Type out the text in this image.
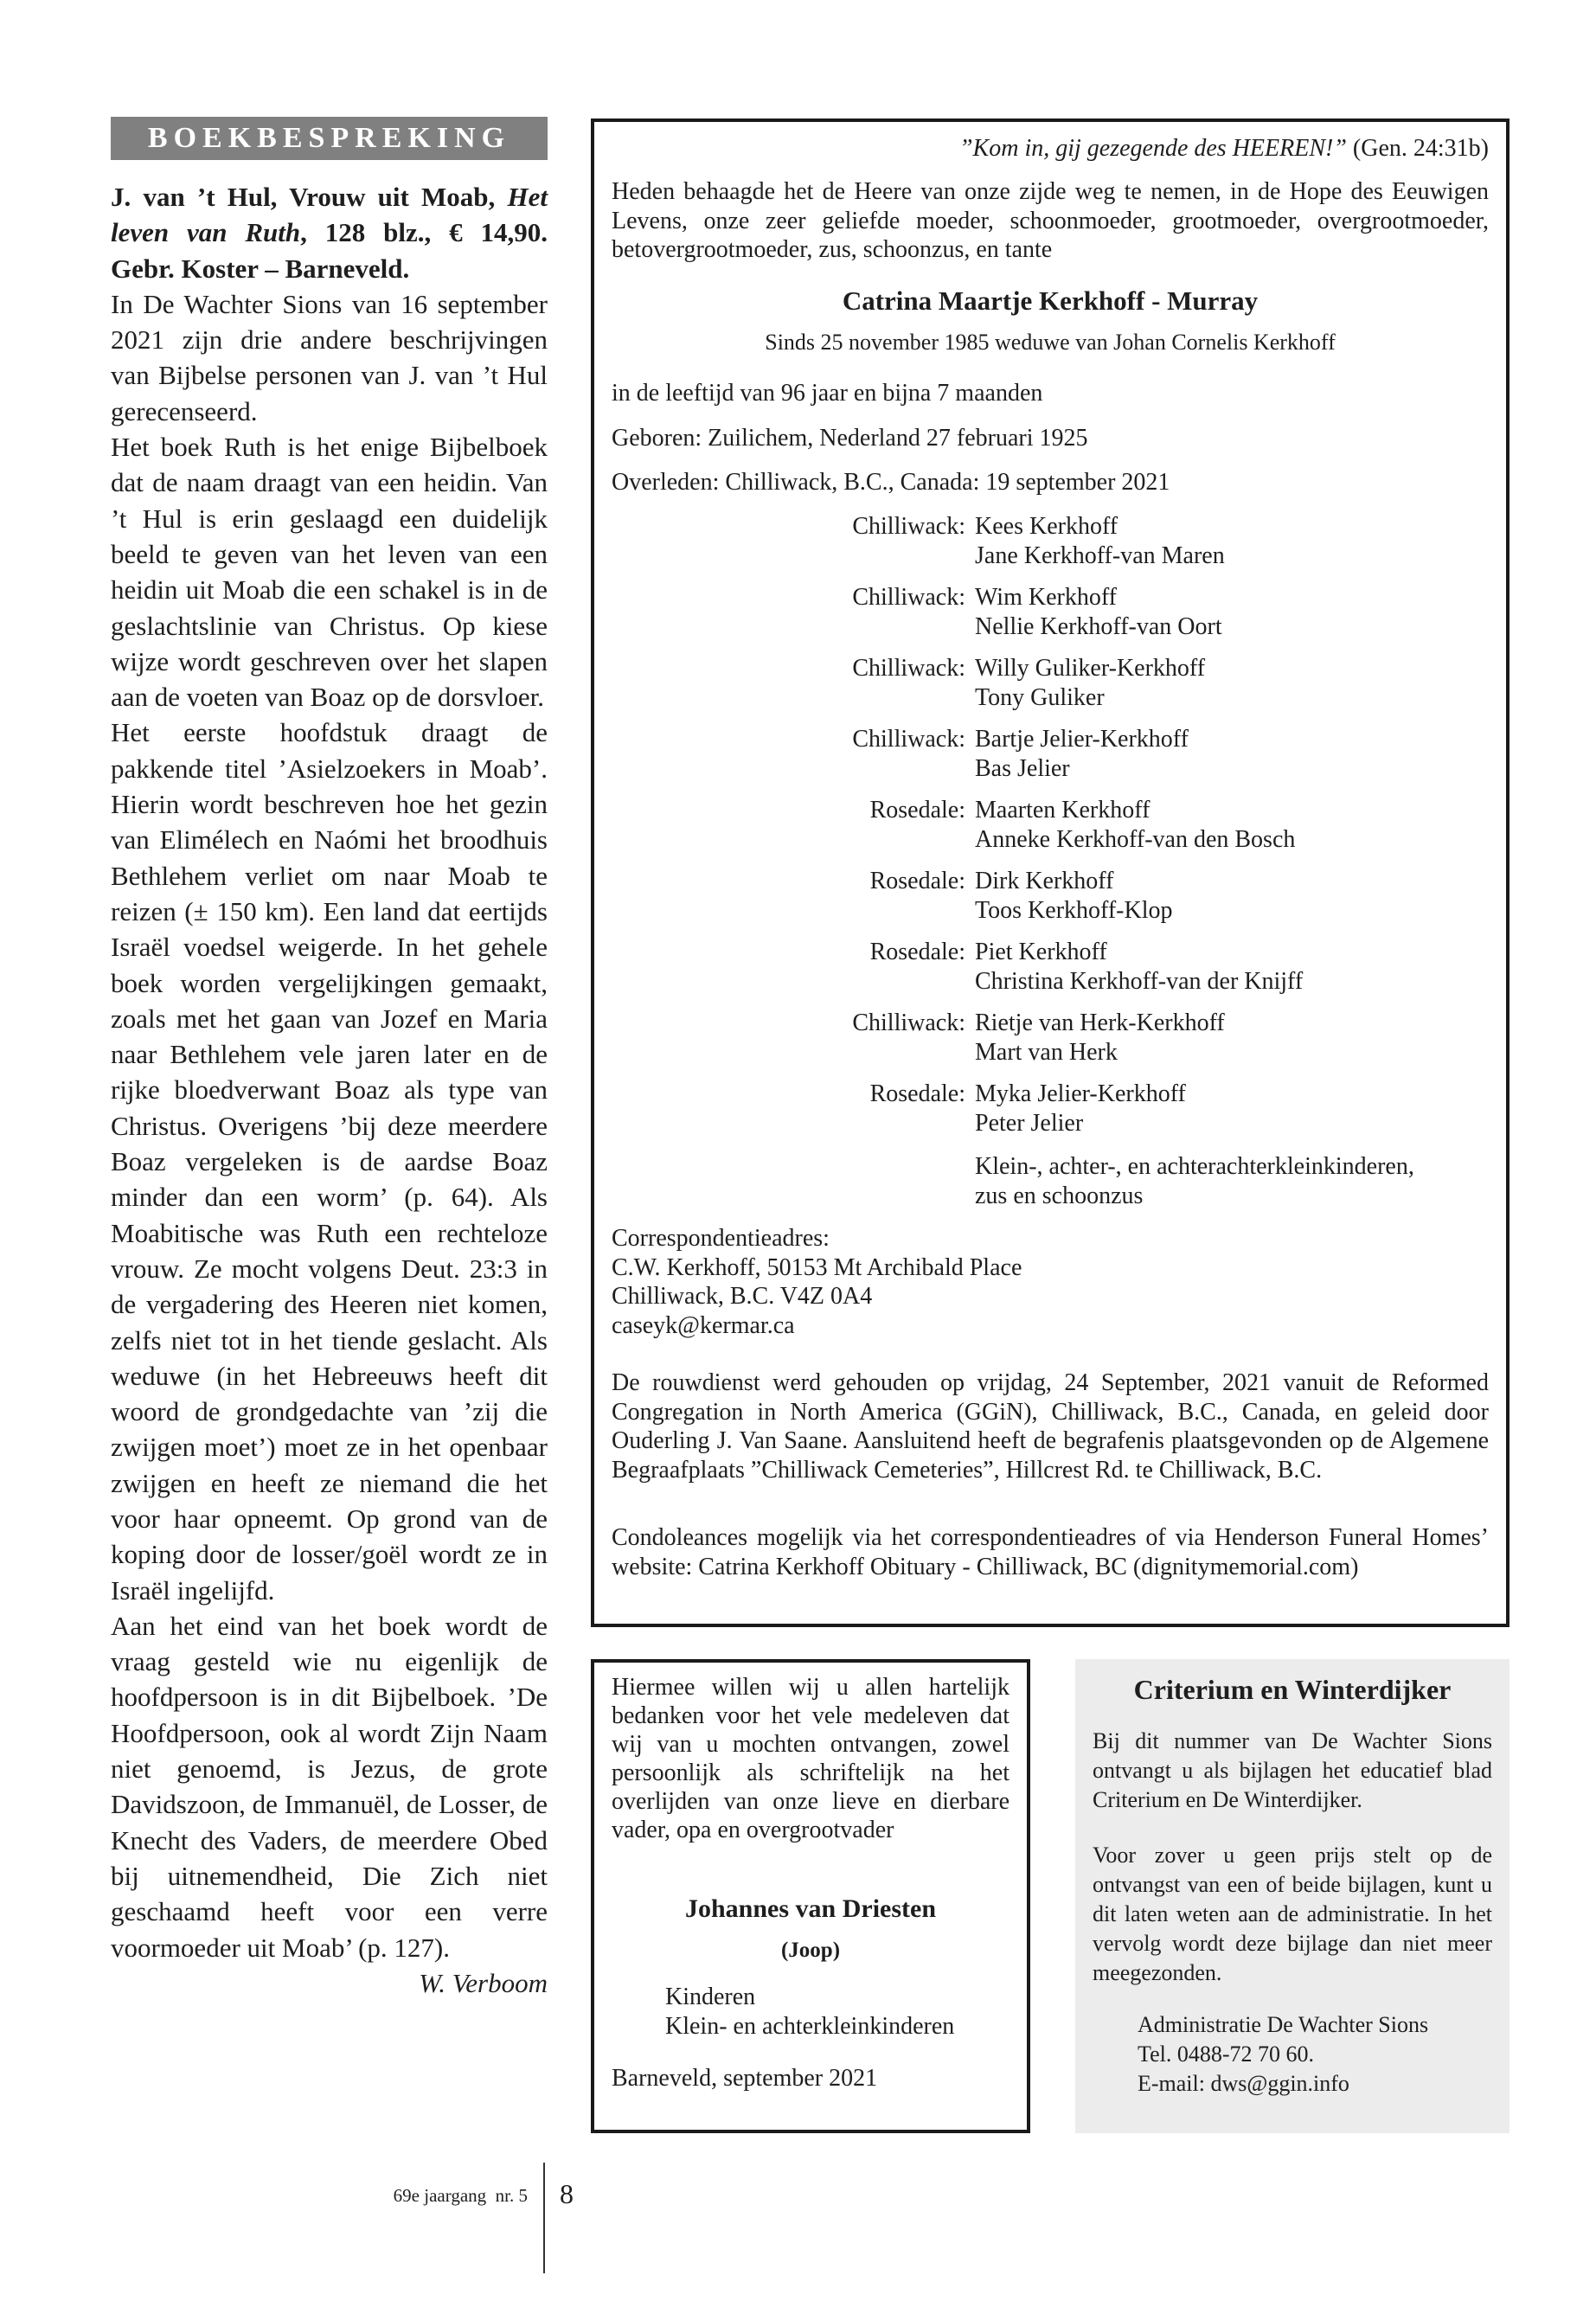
BOEKBESPREKING

J. van ’t Hul, Vrouw uit Moab, Het leven van Ruth, 128 blz., € 14,90. Gebr. Koster – Barneveld.

In De Wachter Sions van 16 september 2021 zijn drie andere beschrijvingen van Bijbelse personen van J. van ’t Hul gerecenseerd.

Het boek Ruth is het enige Bijbelboek dat de naam draagt van een heidin. Van ’t Hul is erin geslaagd een duidelijk beeld te geven van het leven van een heidin uit Moab die een schakel is in de geslachtslinie van Christus. Op kiese wijze wordt geschreven over het slapen aan de voeten van Boaz op de dorsvloer.

Het eerste hoofdstuk draagt de pakkende titel ’Asielzoekers in Moab’. Hierin wordt beschreven hoe het gezin van Elimélech en Naómi het broodhuis Bethlehem verliet om naar Moab te reizen (± 150 km). Een land dat eertijds Israël voedsel weigerde. In het gehele boek worden vergelijkingen gemaakt, zoals met het gaan van Jozef en Maria naar Bethlehem vele jaren later en de rijke bloedverwant Boaz als type van Christus. Overigens ’bij deze meerdere Boaz vergeleken is de aardse Boaz minder dan een worm’ (p. 64). Als Moabitische was Ruth een rechteloze vrouw. Ze mocht volgens Deut. 23:3 in de vergadering des Heeren niet komen, zelfs niet tot in het tiende geslacht. Als weduwe (in het Hebreeuws heeft dit woord de grondgedachte van ’zij die zwijgen moet’) moet ze in het openbaar zwijgen en heeft ze niemand die het voor haar opneemt. Op grond van de koping door de losser/goël wordt ze in Israël ingelijfd.

Aan het eind van het boek wordt de vraag gesteld wie nu eigenlijk de hoofdpersoon is in dit Bijbelboek. ’De Hoofdpersoon, ook al wordt Zijn Naam niet genoemd, is Jezus, de grote Davidszoon, de Immanuël, de Losser, de Knecht des Vaders, de meerdere Obed bij uitnemendheid, Die Zich niet geschaamd heeft voor een verre voormoeder uit Moab’ (p. 127).

W. Verboom

”Kom in, gij gezegende des HEEREN!” (Gen. 24:31b)
Heden behaagde het de Heere van onze zijde weg te nemen, in de Hope des Eeuwigen Levens, onze zeer geliefde moeder, schoonmoeder, grootmoeder, overgrootmoeder, betovergrootmoeder, zus, schoonzus, en tante
Catrina Maartje Kerkhoff - Murray
Sinds 25 november 1985 weduwe van Johan Cornelis Kerkhoff
in de leeftijd van 96 jaar en bijna 7 maanden
Geboren: Zuilichem, Nederland 27 februari 1925
Overleden: Chilliwack, B.C., Canada: 19 september 2021
Chilliwack: Kees Kerkhoff
Jane Kerkhoff-van Maren
Chilliwack: Wim Kerkhoff
Nellie Kerkhoff-van Oort
Chilliwack: Willy Guliker-Kerkhoff
Tony Guliker
Chilliwack: Bartje Jelier-Kerkhoff
Bas Jelier
Rosedale: Maarten Kerkhoff
Anneke Kerkhoff-van den Bosch
Rosedale: Dirk Kerkhoff
Toos Kerkhoff-Klop
Rosedale: Piet Kerkhoff
Christina Kerkhoff-van der Knijff
Chilliwack: Rietje van Herk-Kerkhoff
Mart van Herk
Rosedale: Myka Jelier-Kerkhoff
Peter Jelier
Klein-, achter-, en achterachterkleinkinderen,
zus en schoonzus
Correspondentieadres:
C.W. Kerkhoff, 50153 Mt Archibald Place
Chilliwack, B.C. V4Z 0A4
caseyk@kermar.ca
De rouwdienst werd gehouden op vrijdag, 24 September, 2021 vanuit de Reformed Congregation in North America (GGiN), Chilliwack, B.C., Canada, en geleid door Ouderling J. Van Saane. Aansluitend heeft de begrafenis plaatsgevonden op de Algemene Begraafplaats ”Chilliwack Cemeteries”, Hillcrest Rd. te Chilliwack, B.C.
Condoleances mogelijk via het correspondentieadres of via Henderson Funeral Homes’ website: Catrina Kerkhoff Obituary - Chilliwack, BC (dignitymemorial.com)
Hiermee willen wij u allen hartelijk bedanken voor het vele medeleven dat wij van u mochten ontvangen, zowel persoonlijk als schriftelijk na het overlijden van onze lieve en dierbare vader, opa en overgrootvader
Johannes van Driesten
(Joop)
Kinderen
Klein- en achterkleinkinderen
Barneveld, september 2021
Criterium en Winterdijker
Bij dit nummer van De Wachter Sions ontvangt u als bijlagen het educatief blad Criterium en De Winterdijker.
Voor zover u geen prijs stelt op de ontvangst van een of beide bijlagen, kunt u dit laten weten aan de administratie. In het vervolg wordt deze bijlage dan niet meer meegezonden.
Administratie De Wachter Sions
Tel. 0488-72 70 60.
E-mail: dws@ggin.info
69e jaargang  nr. 5 8
